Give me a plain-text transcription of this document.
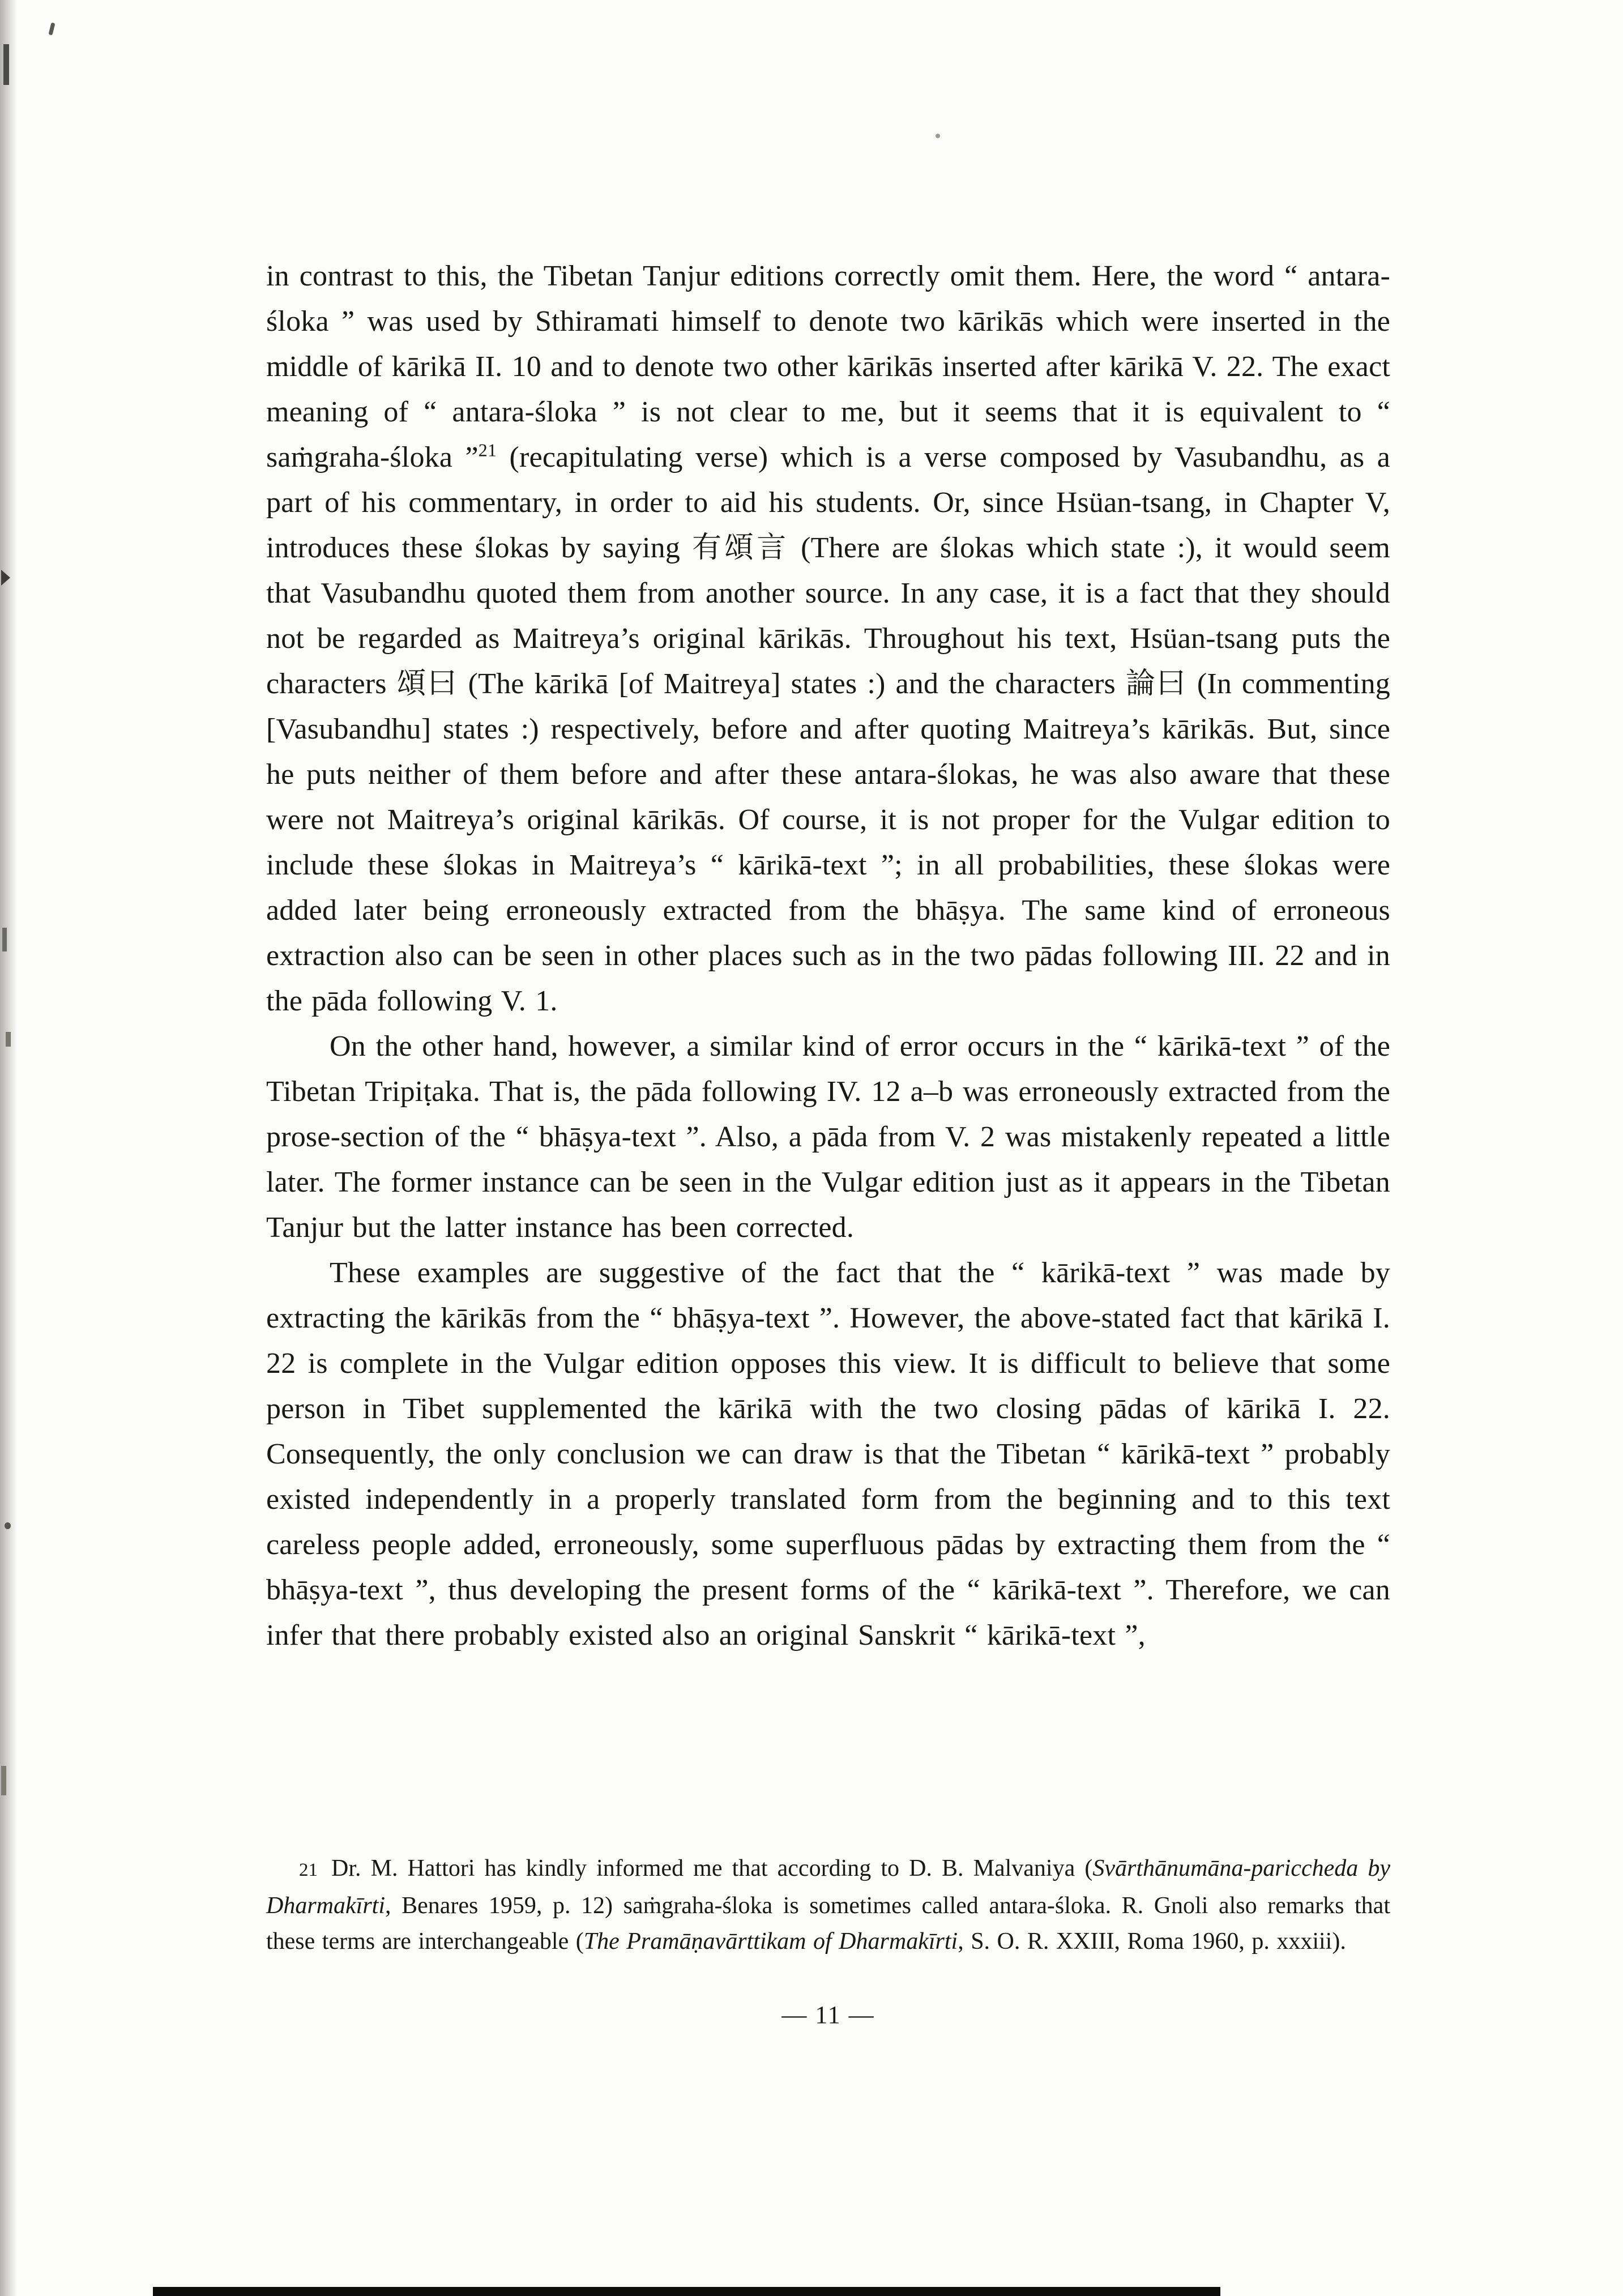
in contrast to this, the Tibetan Tanjur editions correctly omit them. Here, the word “ antara-śloka ” was used by Sthiramati himself to denote two kārikās which were inserted in the middle of kārikā II. 10 and to denote two other kārikās inserted after kārikā V. 22. The exact meaning of “ antara-śloka ” is not clear to me, but it seems that it is equivalent to “ saṁgraha-śloka ”$^{21}$ (recapitulating verse) which is a verse composed by Vasubandhu, as a part of his commentary, in order to aid his students. Or, since Hsüan-tsang, in Chapter V, introduces these ślokas by saying 有頌言 (There are ślokas which state :), it would seem that Vasubandhu quoted them from another source. In any case, it is a fact that they should not be regarded as Maitreya’s original kārikās. Throughout his text, Hsüan-tsang puts the characters 頌曰 (The kārikā [of Maitreya] states :) and the characters 論曰 (In commenting [Vasubandhu] states :) respectively, before and after quoting Maitreya’s kārikās. But, since he puts neither of them before and after these antara-ślokas, he was also aware that these were not Maitreya’s original kārikās. Of course, it is not proper for the Vulgar edition to include these ślokas in Maitreya’s “ kārikā-text ”; in all probabilities, these ślokas were added later being erroneously extracted from the bhāṣya. The same kind of erroneous extraction also can be seen in other places such as in the two pādas following III. 22 and in the pāda following V. 1.

On the other hand, however, a similar kind of error occurs in the “ kārikā-text ” of the Tibetan Tripiṭaka. That is, the pāda following IV. 12 a–b was erroneously extracted from the prose-section of the “ bhāṣya-text ”. Also, a pāda from V. 2 was mistakenly repeated a little later. The former instance can be seen in the Vulgar edition just as it appears in the Tibetan Tanjur but the latter instance has been corrected.

These examples are suggestive of the fact that the “ kārikā-text ” was made by extracting the kārikās from the “ bhāṣya-text ”. However, the above-stated fact that kārikā I. 22 is complete in the Vulgar edition opposes this view. It is difficult to believe that some person in Tibet supplemented the kārikā with the two closing pādas of kārikā I. 22. Consequently, the only conclusion we can draw is that the Tibetan “ kārikā-text ” probably existed independently in a properly translated form from the beginning and to this text careless people added, erroneously, some superfluous pādas by extracting them from the “ bhāṣya-text ”, thus developing the present forms of the “ kārikā-text ”. Therefore, we can infer that there probably existed also an original Sanskrit “ kārikā-text ”,

21 Dr. M. Hattori has kindly informed me that according to D. B. Malvaniya (Svārthānumāna-pariccheda by Dharmakīrti, Benares 1959, p. 12) saṁgraha-śloka is sometimes called antara-śloka. R. Gnoli also remarks that these terms are interchangeable (The Pramāṇavārttikam of Dharmakīrti, S. O. R. XXIII, Roma 1960, p. xxxiii).
— 11 —
